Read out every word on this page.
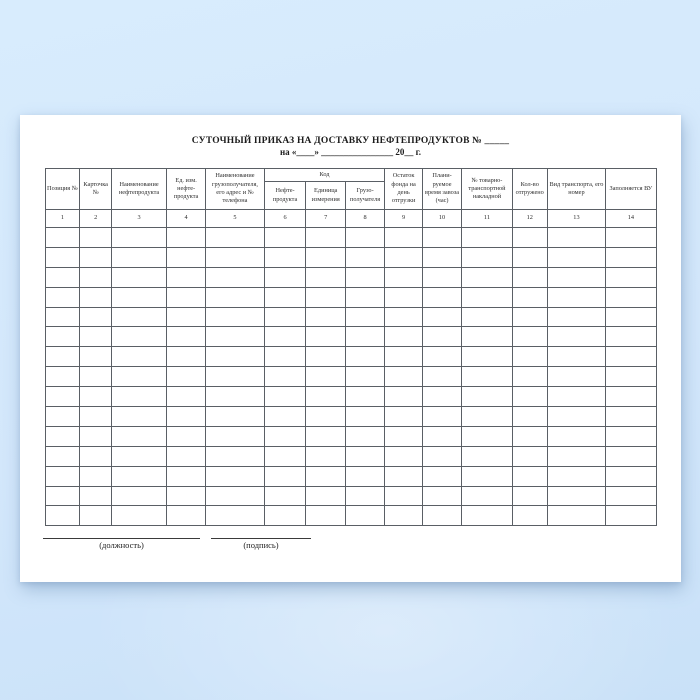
СУТОЧНЫЙ ПРИКАЗ НА ДОСТАВКУ НЕФТЕПРОДУКТОВ № _____
на «____» ________________ 20__ г.
Позиция №	Карточка №	Наименование нефтепродукта	Ед. изм. нефте- продукта	Наименование грузополучателя, его адрес и № телефона	Код			Остаток фонда на день отгрузки	Плани- руемое время завоза (час)	№ товарно- транспортной накладной	Кол-во отгружено	Вид транспорта, его номер	Заполняется ВУ
					Нефте- продукта	Единица измерения	Грузо- получателя						
1	2	3	4	5	6	7	8	9	10	11	12	13	14

(должность)	(подпись)
